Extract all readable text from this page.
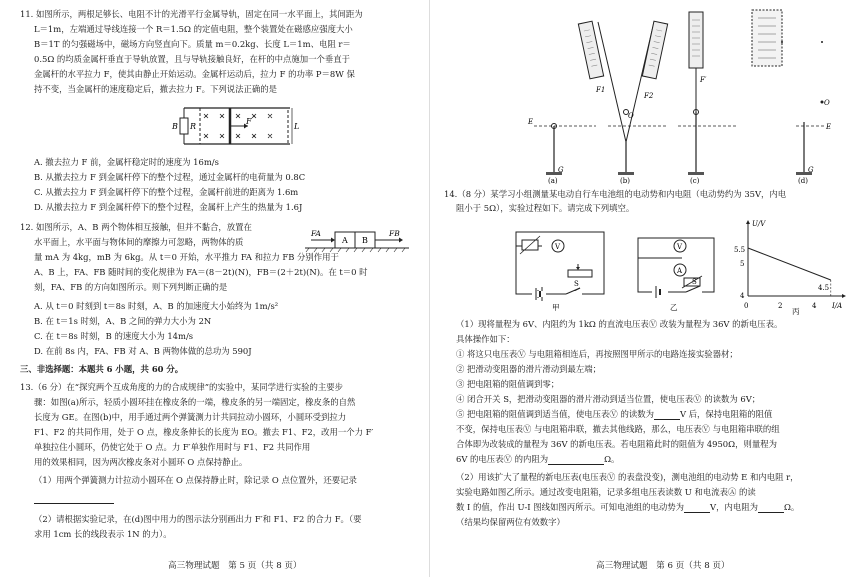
11. 如图所示，两根足够长、电阻不计的光滑平行金属导轨，固定在同一水平面上，其间距为
L＝1m，左端通过导线连接一个 R＝1.5Ω 的定值电阻，整个装置处在磁感应强度大小
B＝1T 的匀强磁场中，磁场方向竖直向下。质量 m＝0.2kg、长度 L＝1m、电阻 r＝
0.5Ω 的均质金属杆垂直于导轨放置，且与导轨接触良好，在杆的中点施加一个垂直于
金属杆的水平拉力 F，使其由静止开始运动。金属杆运动后，拉力 F 的功率 P＝8W 保
持不变，当金属杆的速度稳定后，撤去拉力 F。下列说法正确的是
B R
F
L
A. 撤去拉力 F 前，金属杆稳定时的速度为 16m/s
B. 从撤去拉力 F 到金属杆停下的整个过程，通过金属杆的电荷量为 0.8C
C. 从撤去拉力 F 到金属杆停下的整个过程，金属杆前进的距离为 1.6m
D. 从撤去拉力 F 到金属杆停下的整个过程，金属杆上产生的热量为 1.6J
12. 如图所示，A、B 两个物体相互接触，但并不黏合，放置在
水平面上，水平面与物体间的摩擦力可忽略，两物体的质
量 mA 为 4kg，mB 为 6kg。从 t＝0 开始，水平推力 FA 和拉力 FB 分别作用于
A、B 上，FA、FB 随时间的变化规律为 FA＝(8－2t)(N)，FB＝(2＋2t)(N)。在 t＝0 时
刻，FA、FB 的方向如图所示。则下列判断正确的是
FA
A B
FB
A. 从 t＝0 时刻到 t＝8s 时刻，A、B 的加速度大小始终为 1m/s²
B. 在 t＝1s 时刻，A、B 之间的弹力大小为 2N
C. 在 t＝8s 时刻，B 的速度大小为 14m/s
D. 在前 8s 内，FA、FB 对 A、B 两物体做的总功为 590J
三、非选择题：本题共 6 小题，共 60 分。
13.（6 分）在“探究两个互成角度的力的合成规律”的实验中，某同学进行实验的主要步
骤：如图(a)所示，轻质小圆环挂在橡皮条的一端，橡皮条的另一端固定，橡皮条的自然
长度为 GE。在图(b)中，用手通过两个弹簧测力计共同拉动小圆环，小圆环受到拉力
F1、F2 的共同作用，处于 O 点，橡皮条伸长的长度为 EO。撤去 F1、F2，改用一个力 F′
单独拉住小圆环，仍使它处于 O 点。力 F′单独作用时与 F1、F2 共同作用
用的效果相同，因为两次橡皮条对小圆环 O 点保持静止。
（1）用两个弹簧测力计拉动小圆环在 O 点保持静止时，除记录 O 点位置外，还要记录
（2）请根据实验记录，在(d)图中用力的图示法分别画出力 F′和 F1、F2 的合力 F。（要
求用 1cm 长的线段表示 1N 的力）。
高三物理试题　第 5 页（共 8 页）
E
G
(a)
F1
F2
O
(b)
F′
(c)
O
E
G
(d)
14.（8 分）某学习小组测量某电动自行车电池组的电动势和内电阻（电动势约为 35V，内电
阻小于 5Ω），实验过程如下。请完成下列填空。
V
S
甲
V
A
S
乙
U/V
I/A
5.5
5
4
0	2	4
4.5
丙
（1）现将量程为 6V、内阻约为 1kΩ 的直流电压表Ⓥ 改装为量程为 36V 的新电压表。
具体操作如下：
① 将这只电压表Ⓥ 与电阻箱相连后，再按照图甲所示的电路连接实验器材；
② 把滑动变阻器的滑片滑动到最左端；
③ 把电阻箱的阻值调到零；
④ 闭合开关 S，把滑动变阻器的滑片滑动到适当位置，使电压表Ⓥ 的读数为 6V；
⑤ 把电阻箱的阻值调到适当值，使电压表Ⓥ 的读数为	V 后，保持电阻箱的阻值
不变，保持电压表Ⓥ 与电阻箱串联，撤去其他线路，那么，电压表Ⓥ 与电阻箱串联的组
合体即为改装成的量程为 36V 的新电压表。若电阻箱此时的阻值为 4950Ω，则量程为
6V 的电压表Ⓥ 的内阻为	Ω。
（2）用该扩大了量程的新电压表(电压表Ⓥ 的表盘没变)，测电池组的电动势 E 和内电阻 r，
实验电路如图乙所示。通过改变电阻箱，记录多组电压表读数 U 和电流表Ⓐ 的读
数 I 的值，作出 U-I 图线如图丙所示。可知电池组的电动势为	V，内电阻为	Ω。
（结果均保留两位有效数字）
高三物理试题　第 6 页（共 8 页）
